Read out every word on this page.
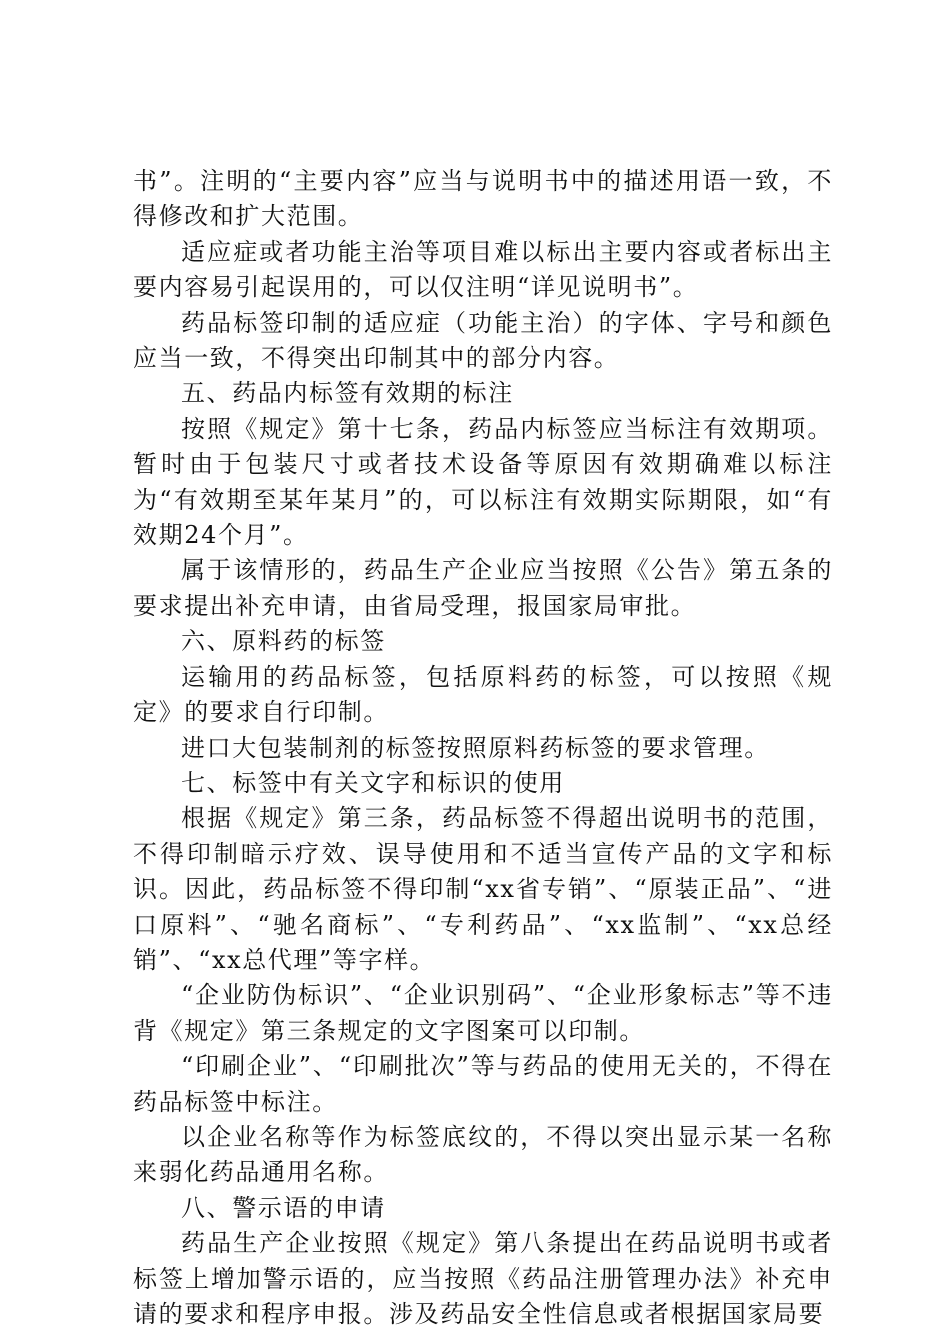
书”。注明的“主要内容”应当与说明书中的描述用语一致，不得修改和扩大范围。

适应症或者功能主治等项目难以标出主要内容或者标出主要内容易引起误用的，可以仅注明“详见说明书”。

药品标签印制的适应症（功能主治）的字体、字号和颜色应当一致，不得突出印制其中的部分内容。

五、药品内标签有效期的标注

按照《规定》第十七条，药品内标签应当标注有效期项。暂时由于包装尺寸或者技术设备等原因有效期确难以标注为“有效期至某年某月”的，可以标注有效期实际期限，如“有效期24个月”。

属于该情形的，药品生产企业应当按照《公告》第五条的要求提出补充申请，由省局受理，报国家局审批。

六、原料药的标签

运输用的药品标签，包括原料药的标签，可以按照《规定》的要求自行印制。

进口大包装制剂的标签按照原料药标签的要求管理。

七、标签中有关文字和标识的使用

根据《规定》第三条，药品标签不得超出说明书的范围，不得印制暗示疗效、误导使用和不适当宣传产品的文字和标识。因此，药品标签不得印制“xx省专销”、“原装正品”、“进口原料”、“驰名商标”、“专利药品”、“xx监制”、“xx总经销”、“xx总代理”等字样。

“企业防伪标识”、“企业识别码”、“企业形象标志”等不违背《规定》第三条规定的文字图案可以印制。

“印刷企业”、“印刷批次”等与药品的使用无关的，不得在药品标签中标注。

以企业名称等作为标签底纹的，不得以突出显示某一名称来弱化药品通用名称。

八、警示语的申请

药品生产企业按照《规定》第八条提出在药品说明书或者标签上增加警示语的，应当按照《药品注册管理办法》补充申请的要求和程序申报。涉及药品安全性信息或者根据国家局要
